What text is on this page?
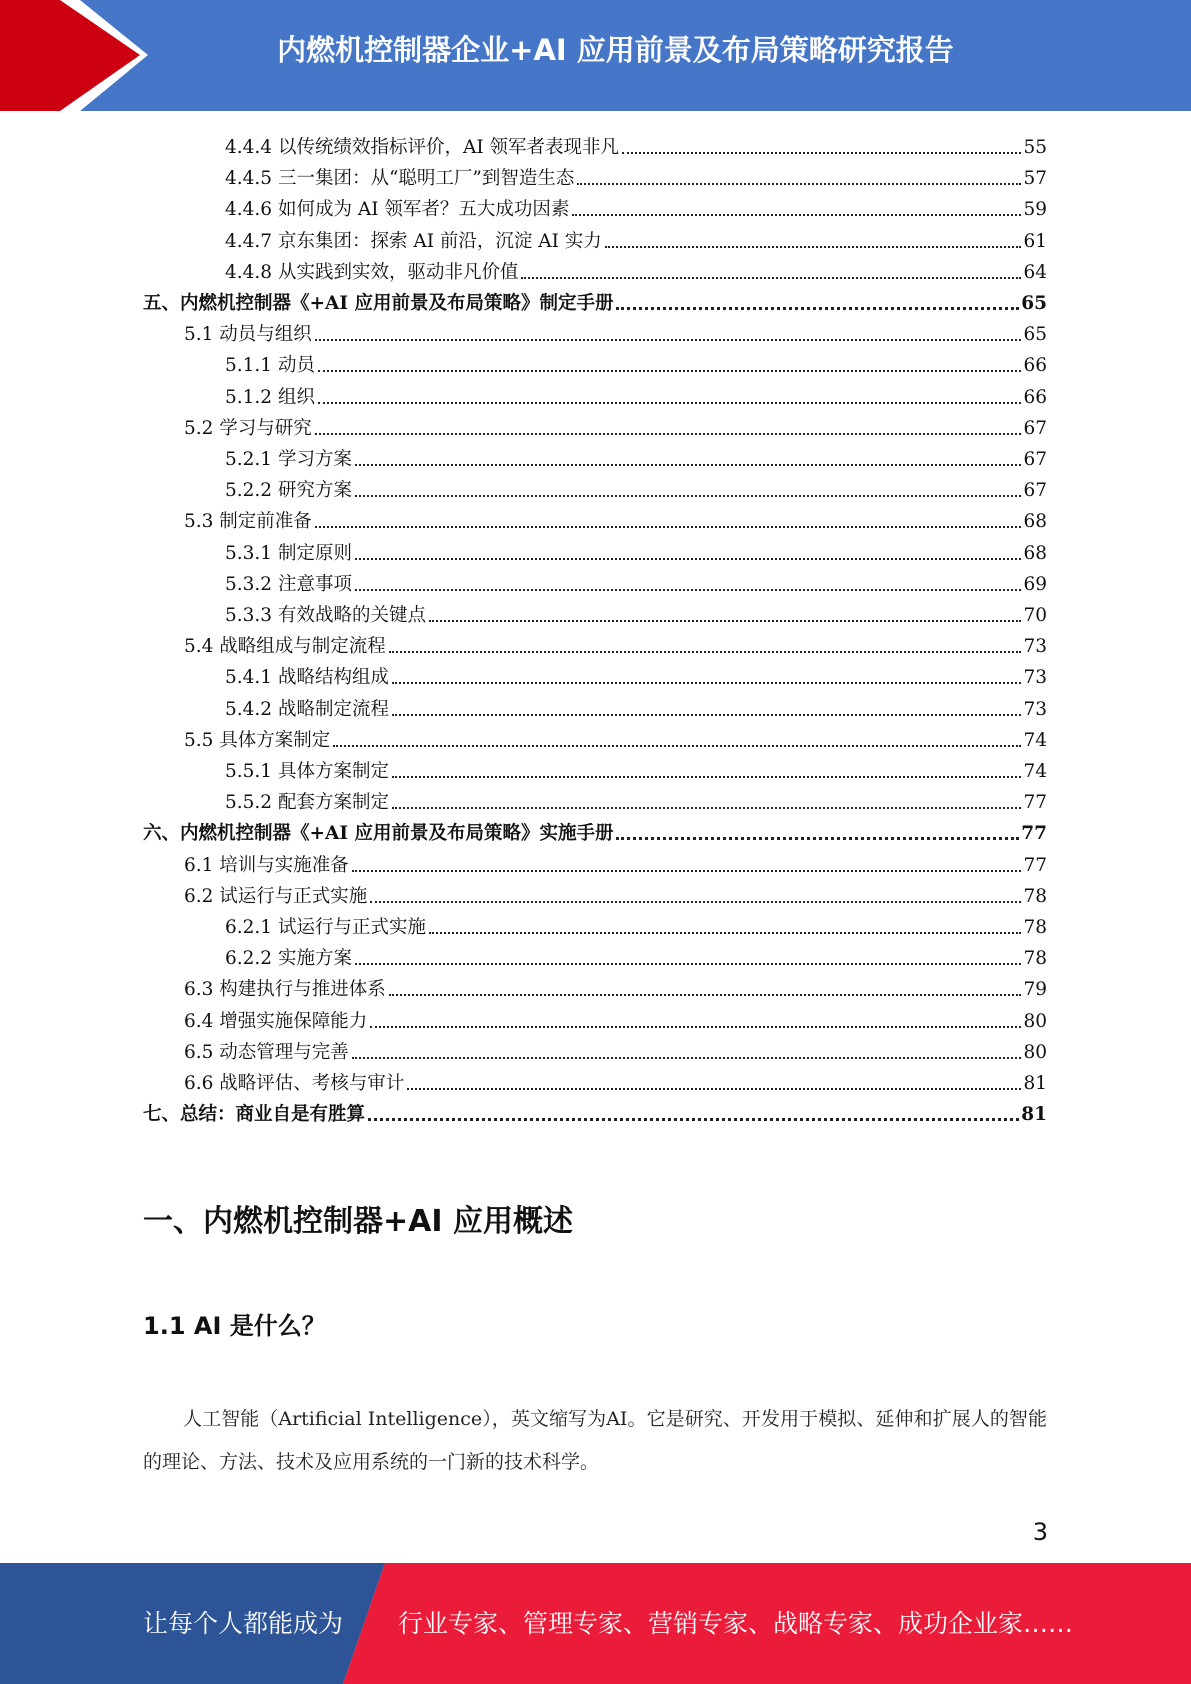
内燃机控制器企业+AI 应用前景及布局策略研究报告
4.4.4 以传统绩效指标评价，AI 领军者表现非凡	55
4.4.5 三一集团：从“聪明工厂”到智造生态	57
4.4.6 如何成为 AI 领军者？五大成功因素	59
4.4.7 京东集团：探索 AI 前沿，沉淀 AI 实力	61
4.4.8 从实践到实效，驱动非凡价值	64
五、内燃机控制器《+AI 应用前景及布局策略》制定手册	65
5.1 动员与组织	65
5.1.1 动员	66
5.1.2 组织	66
5.2 学习与研究	67
5.2.1 学习方案	67
5.2.2 研究方案	67
5.3 制定前准备	68
5.3.1 制定原则	68
5.3.2 注意事项	69
5.3.3 有效战略的关键点	70
5.4 战略组成与制定流程	73
5.4.1 战略结构组成	73
5.4.2 战略制定流程	73
5.5 具体方案制定	74
5.5.1 具体方案制定	74
5.5.2 配套方案制定	77
六、内燃机控制器《+AI 应用前景及布局策略》实施手册	77
6.1 培训与实施准备	77
6.2 试运行与正式实施	78
6.2.1 试运行与正式实施	78
6.2.2 实施方案	78
6.3 构建执行与推进体系	79
6.4 增强实施保障能力	80
6.5 动态管理与完善	80
6.6 战略评估、考核与审计	81
七、总结：商业自是有胜算	81
一、内燃机控制器+AI 应用概述
1.1 AI 是什么？
人工智能（Artificial Intelligence），英文缩写为AI。它是研究、开发用于模拟、延伸和扩展人的智能的理论、方法、技术及应用系统的一门新的技术科学。
3
让每个人都能成为 行业专家、管理专家、营销专家、战略专家、成功企业家……
